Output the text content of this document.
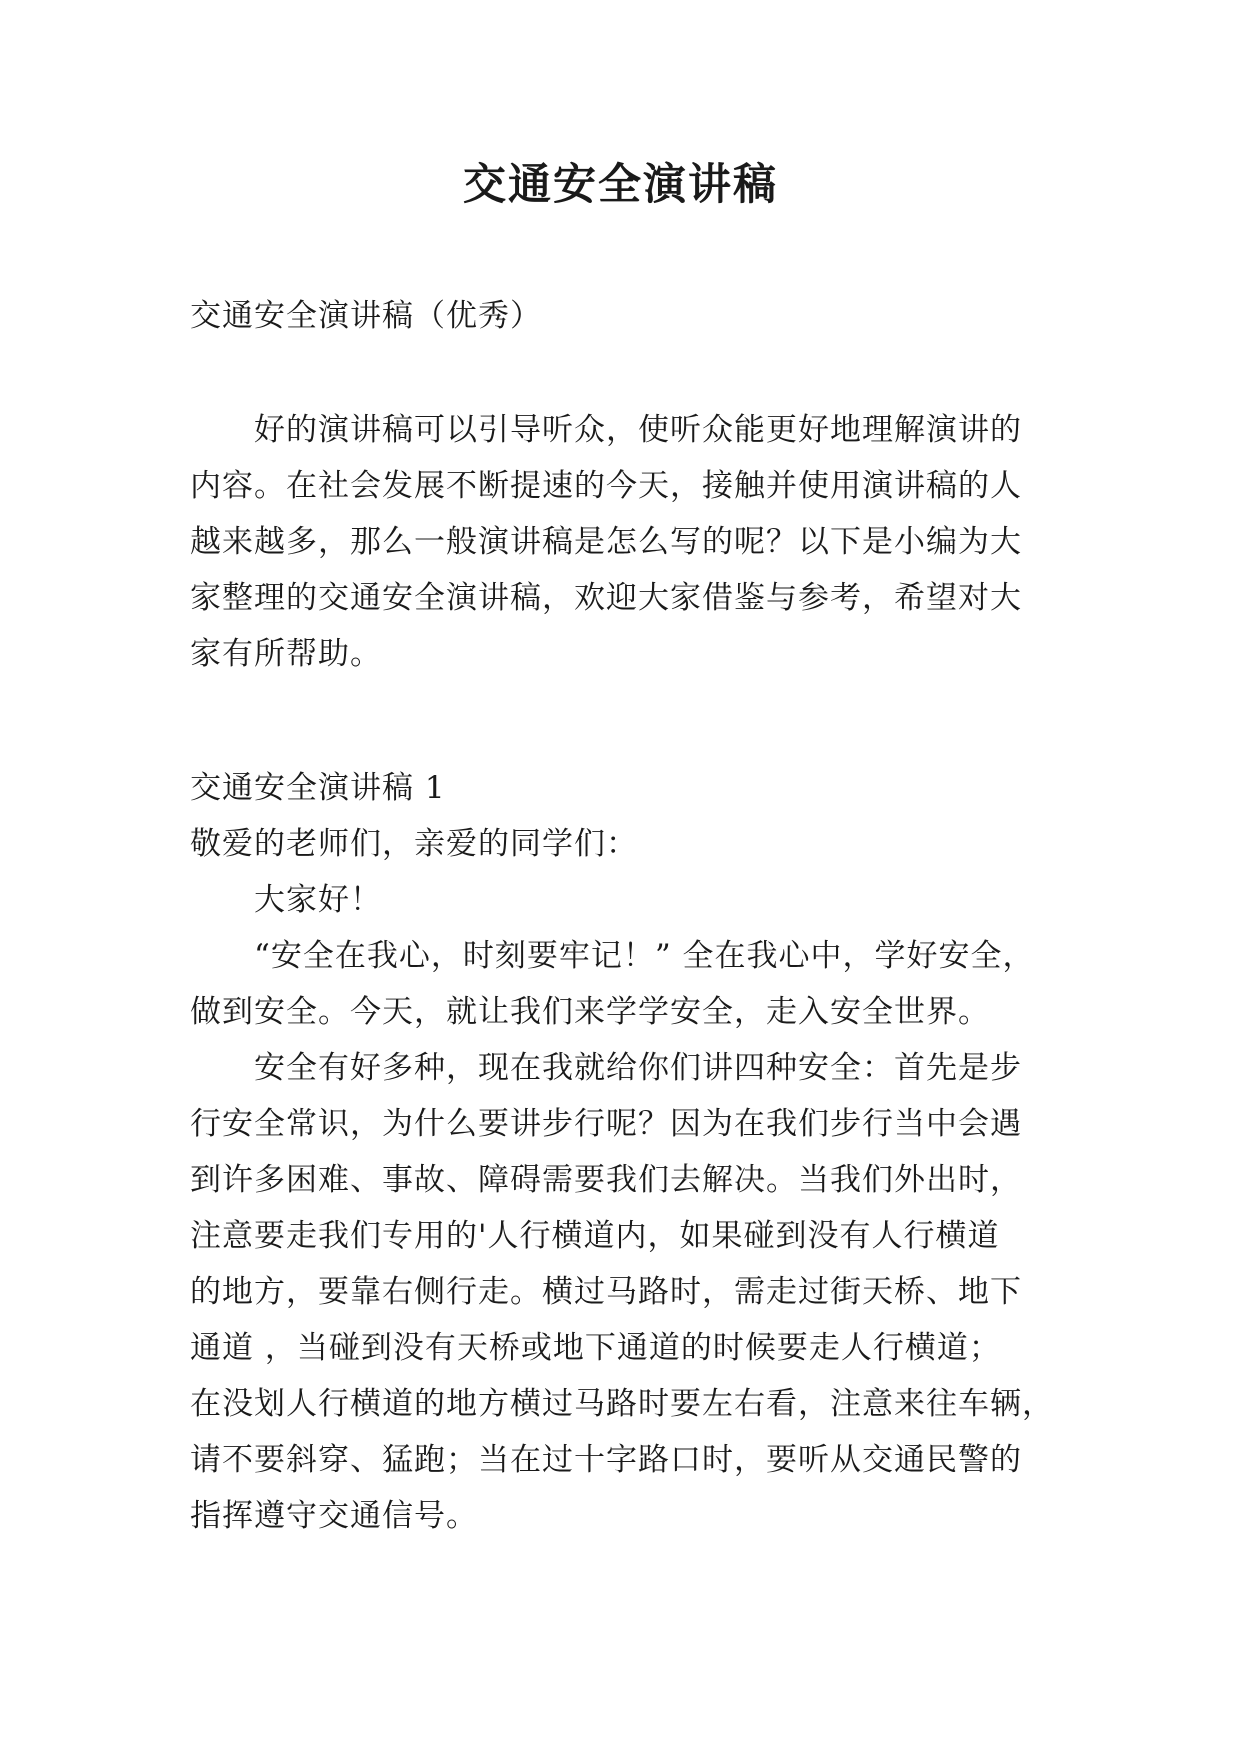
交通安全演讲稿
交通安全演讲稿（优秀）
好的演讲稿可以引导听众，使听众能更好地理解演讲的
内容。在社会发展不断提速的今天，接触并使用演讲稿的人
越来越多，那么一般演讲稿是怎么写的呢？以下是小编为大
家整理的交通安全演讲稿，欢迎大家借鉴与参考，希望对大
家有所帮助。
交通安全演讲稿 1
敬爱的老师们，亲爱的同学们：
大家好！
“安全在我心，时刻要牢记！” 全在我心中，学好安全，
做到安全。今天，就让我们来学学安全，走入安全世界。
安全有好多种，现在我就给你们讲四种安全：首先是步
行安全常识，为什么要讲步行呢？因为在我们步行当中会遇
到许多困难、事故、障碍需要我们去解决。当我们外出时，
注意要走我们专用的'人行横道内，如果碰到没有人行横道
的地方，要靠右侧行走。横过马路时，需走过街天桥、地下
通道 ，当碰到没有天桥或地下通道的时候要走人行横道；
在没划人行横道的地方横过马路时要左右看，注意来往车辆，
请不要斜穿、猛跑；当在过十字路口时，要听从交通民警的
指挥遵守交通信号。
